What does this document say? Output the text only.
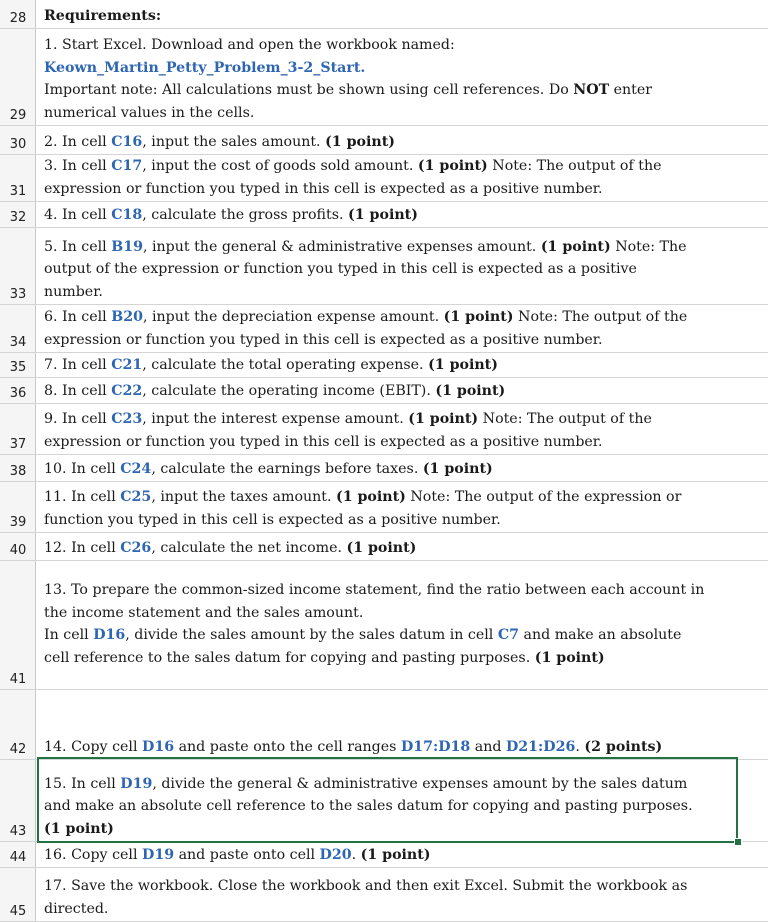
Requirements:
28
1. Start Excel. Download and open the workbook named:
Keown_Martin_Petty_Problem_3-2_Start.
Important note: All calculations must be shown using cell references. Do NOT enter
numerical values in the cells.
29
2. In cell C16, input the sales amount. (1 point)
30
3. In cell C17, input the cost of goods sold amount. (1 point) Note: The output of the
expression or function you typed in this cell is expected as a positive number.
31
4. In cell C18, calculate the gross profits. (1 point)
32
5. In cell B19, input the general & administrative expenses amount. (1 point) Note: The
output of the expression or function you typed in this cell is expected as a positive
number.
33
6. In cell B20, input the depreciation expense amount. (1 point) Note: The output of the
expression or function you typed in this cell is expected as a positive number.
34
7. In cell C21, calculate the total operating expense. (1 point)
35
8. In cell C22, calculate the operating income (EBIT). (1 point)
36
9. In cell C23, input the interest expense amount. (1 point) Note: The output of the
expression or function you typed in this cell is expected as a positive number.
37
10. In cell C24, calculate the earnings before taxes. (1 point)
38
11. In cell C25, input the taxes amount. (1 point) Note: The output of the expression or
function you typed in this cell is expected as a positive number.
39
12. In cell C26, calculate the net income. (1 point)
40
13. To prepare the common-sized income statement, find the ratio between each account in
the income statement and the sales amount.
In cell D16, divide the sales amount by the sales datum in cell C7 and make an absolute
cell reference to the sales datum for copying and pasting purposes. (1 point)
41
14. Copy cell D16 and paste onto the cell ranges D17:D18 and D21:D26. (2 points)
42
15. In cell D19, divide the general & administrative expenses amount by the sales datum
and make an absolute cell reference to the sales datum for copying and pasting purposes.
(1 point)
43
16. Copy cell D19 and paste onto cell D20. (1 point)
44
17. Save the workbook. Close the workbook and then exit Excel. Submit the workbook as
directed.
45
